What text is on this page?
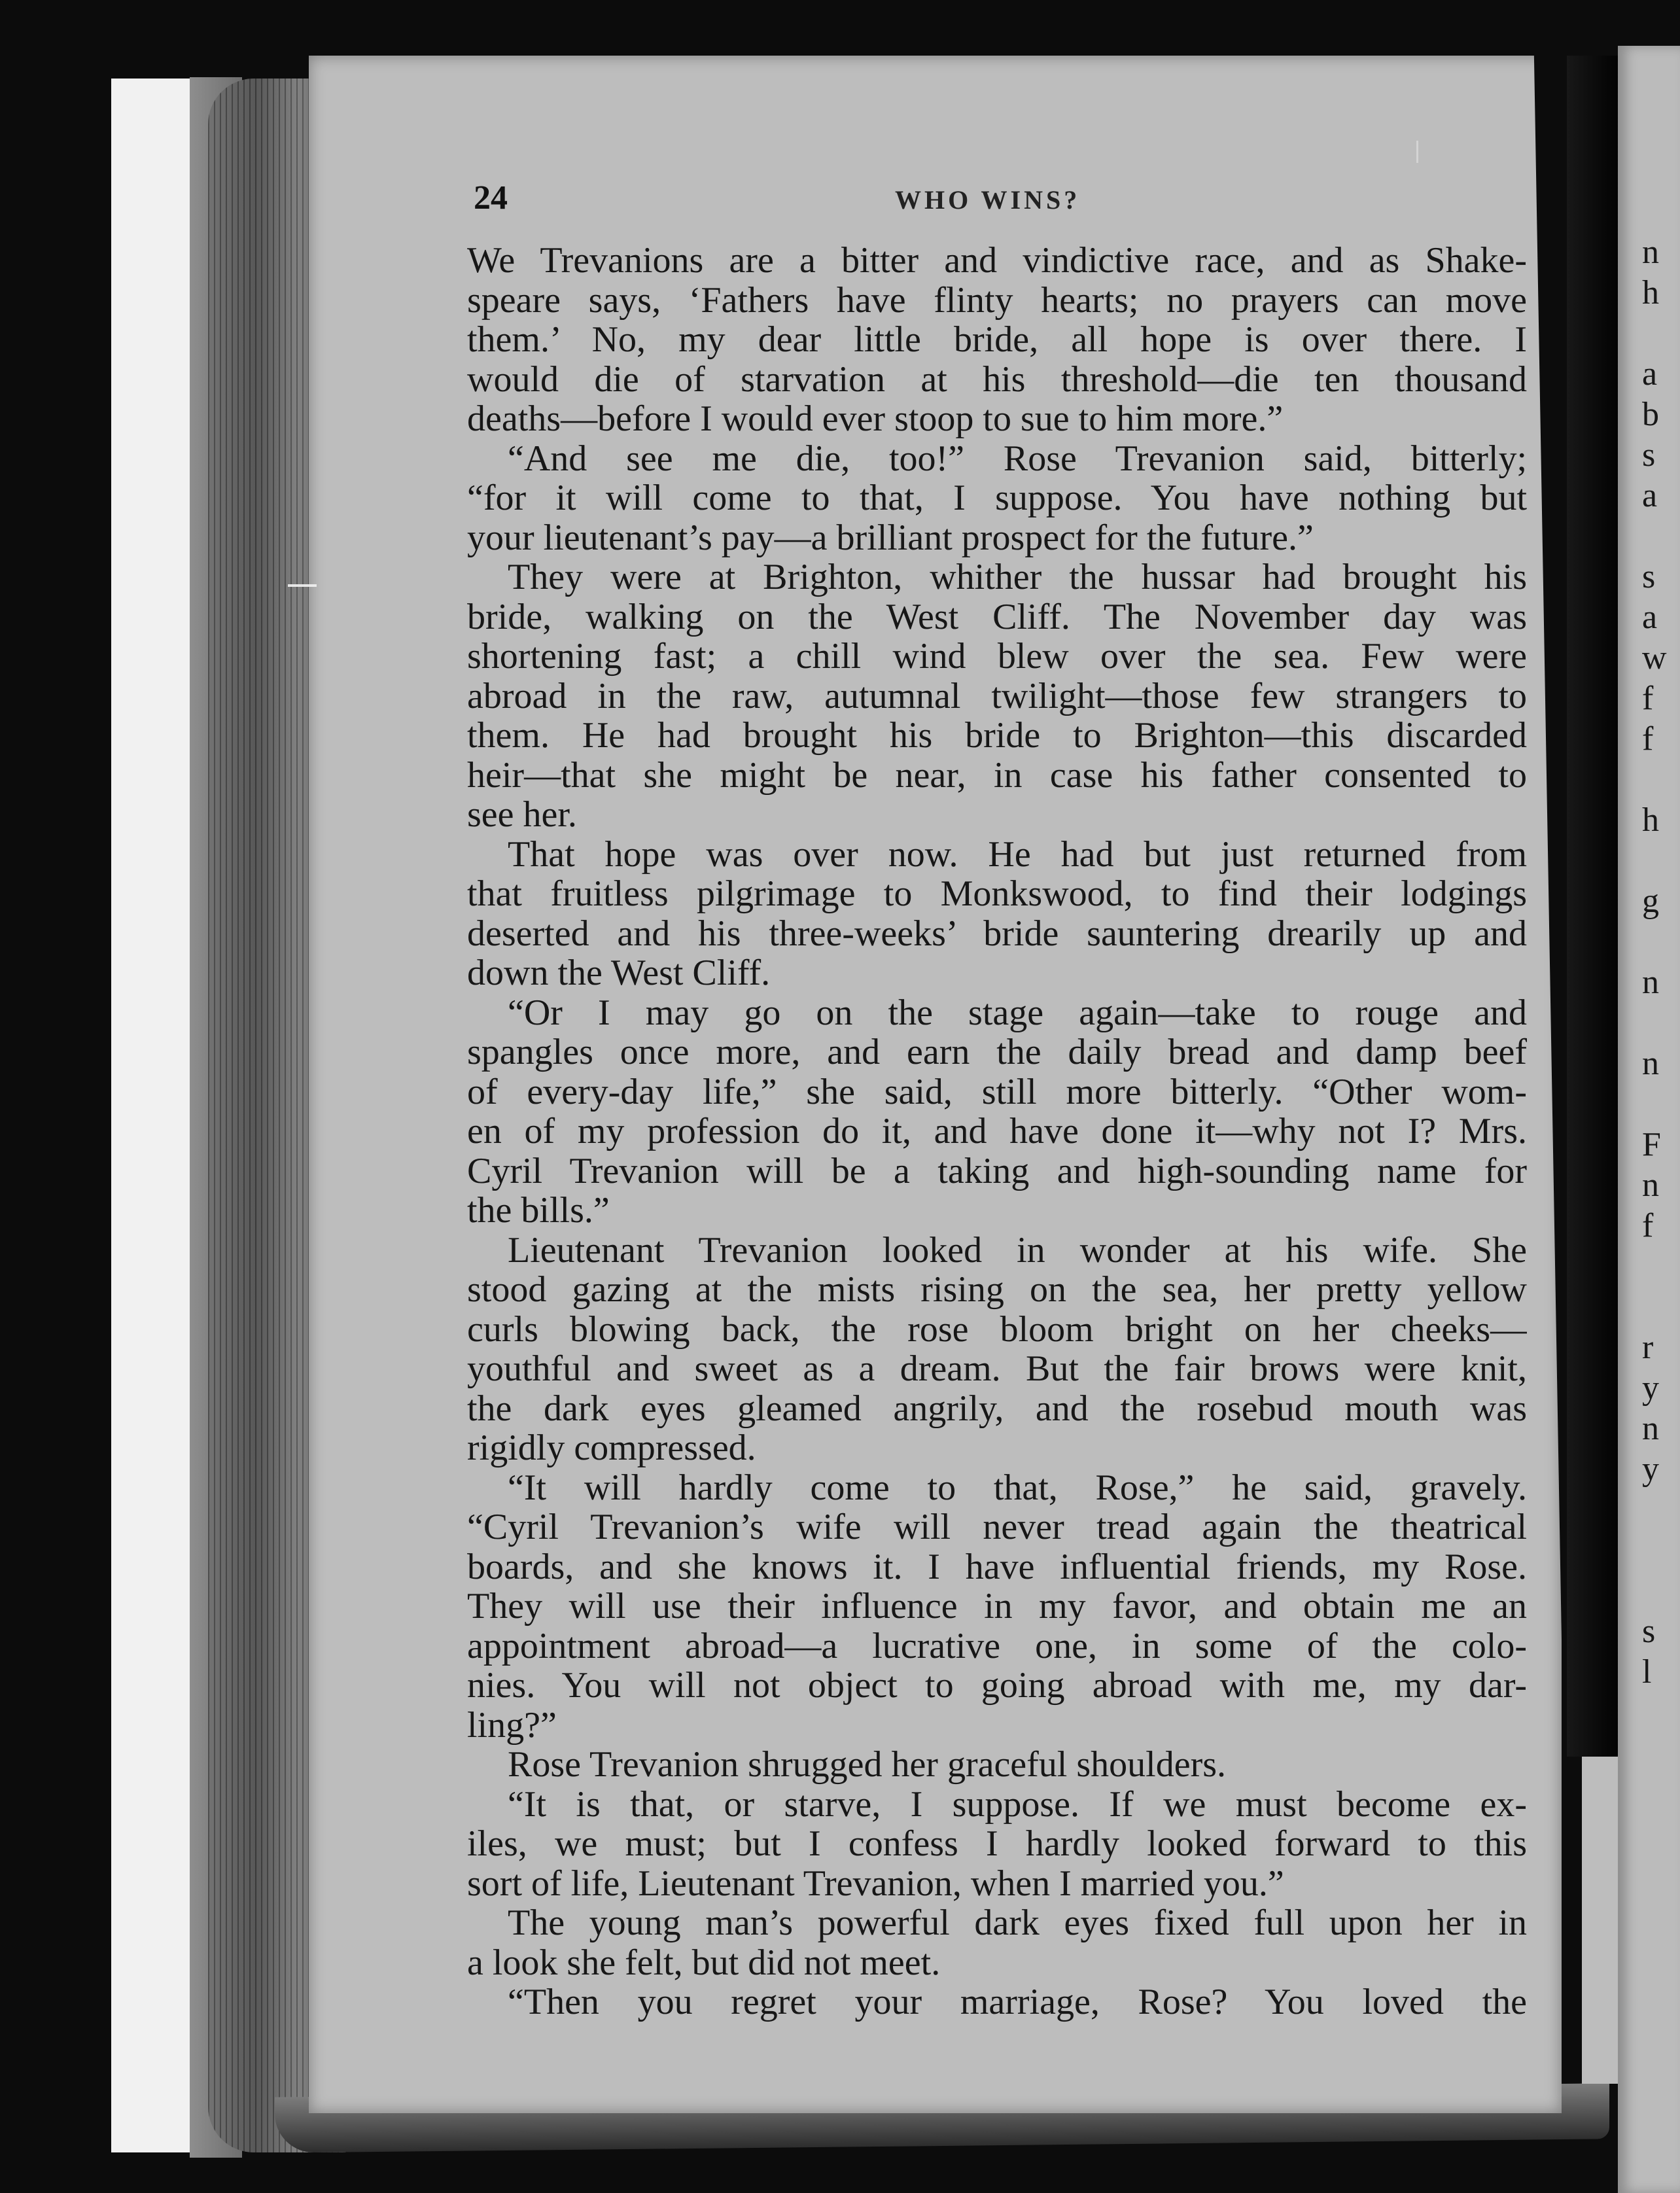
24	WHO WINS?
We Trevanions are a bitter and vindictive race, and as Shake-
speare says, ‘Fathers have flinty hearts; no prayers can move
them.’ No, my dear little bride, all hope is over there. I
would die of starvation at his threshold—die ten thousand
deaths—before I would ever stoop to sue to him more.”
“And see me die, too!” Rose Trevanion said, bitterly;
“for it will come to that, I suppose. You have nothing but
your lieutenant’s pay—a brilliant prospect for the future.”
They were at Brighton, whither the hussar had brought his
bride, walking on the West Cliff. The November day was
shortening fast; a chill wind blew over the sea. Few were
abroad in the raw, autumnal twilight—those few strangers to
them. He had brought his bride to Brighton—this discarded
heir—that she might be near, in case his father consented to
see her.
That hope was over now. He had but just returned from
that fruitless pilgrimage to Monkswood, to find their lodgings
deserted and his three-weeks’ bride sauntering drearily up and
down the West Cliff.
“Or I may go on the stage again—take to rouge and
spangles once more, and earn the daily bread and damp beef
of every-day life,” she said, still more bitterly. “Other wom-
en of my profession do it, and have done it—why not I? Mrs.
Cyril Trevanion will be a taking and high-sounding name for
the bills.”
Lieutenant Trevanion looked in wonder at his wife. She
stood gazing at the mists rising on the sea, her pretty yellow
curls blowing back, the rose bloom bright on her cheeks—
youthful and sweet as a dream. But the fair brows were knit,
the dark eyes gleamed angrily, and the rosebud mouth was
rigidly compressed.
“It will hardly come to that, Rose,” he said, gravely.
“Cyril Trevanion’s wife will never tread again the theatrical
boards, and she knows it. I have influential friends, my Rose.
They will use their influence in my favor, and obtain me an
appointment abroad—a lucrative one, in some of the colo-
nies. You will not object to going abroad with me, my dar-
ling?”
Rose Trevanion shrugged her graceful shoulders.
“It is that, or starve, I suppose. If we must become ex-
iles, we must; but I confess I hardly looked forward to this
sort of life, Lieutenant Trevanion, when I married you.”
The young man’s powerful dark eyes fixed full upon her in
a look she felt, but did not meet.
“Then you regret your marriage, Rose? You loved the
n
h
a
b
s
a
s
a
w
f
f
h
g
n
n
F
n
f
r
y
n
y
s
l
